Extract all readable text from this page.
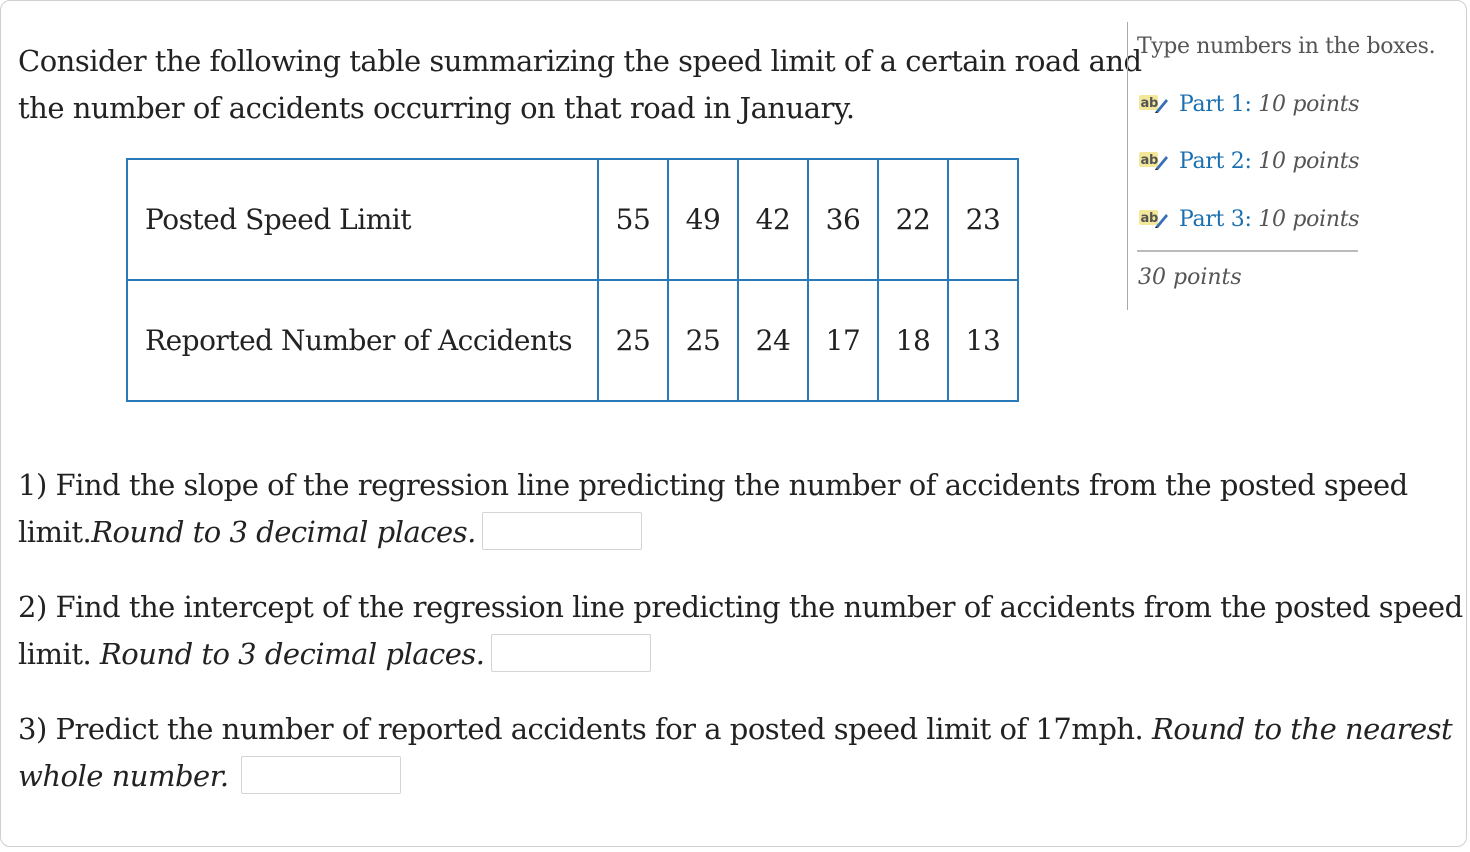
Consider the following table summarizing the speed limit of a certain road and
the number of accidents occurring on that road in January.
Posted Speed Limit	55	49	42	36	22	23
Reported Number of Accidents	25	25	24	17	18	13
Type numbers in the boxes.
ab Part 1: 10 points
ab Part 2: 10 points
ab Part 3: 10 points
30 points
1) Find the slope of the regression line predicting the number of accidents from the posted speed
limit.Round to 3 decimal places.
2) Find the intercept of the regression line predicting the number of accidents from the posted speed
limit. Round to 3 decimal places.
3) Predict the number of reported accidents for a posted speed limit of 17mph. Round to the nearest
whole number.
